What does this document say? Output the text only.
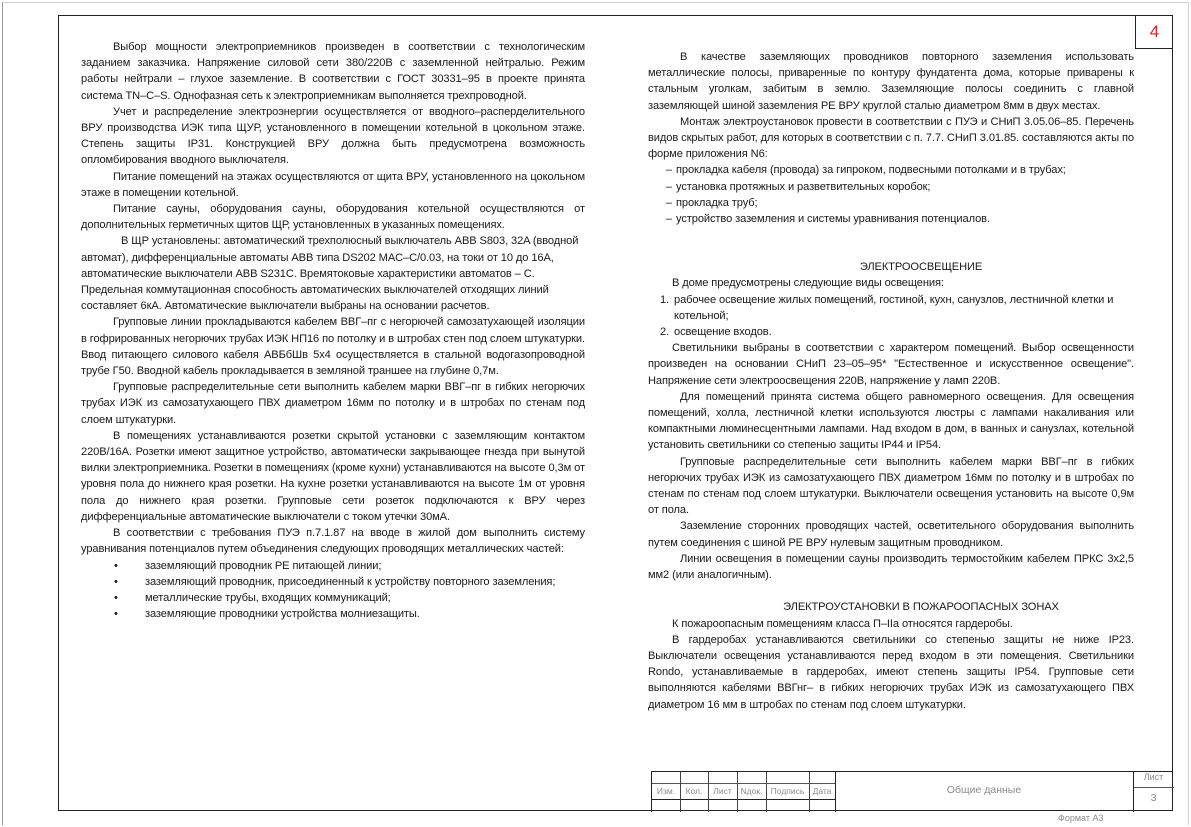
4

Выбор мощности электроприемников произведен в соответствии с технологическим заданием заказчика. Напряжение силовой сети 380/220В с заземленной нейтралью. Режим работы нейтрали – глухое заземление. В соответствии с ГОСТ 30331–95 в проекте принята система TN–C–S. Однофазная сеть к электроприемникам выполняется трехпроводной.

Учет и распределение электроэнергии осуществляется от вводного–расперделительного ВРУ производства ИЭК типа ЩУР, установленного в помещении котельной в цокольном этаже. Степень защиты IP31. Конструкцией ВРУ должна быть предусмотрена возможность опломбирования вводного выключателя.

Питание помещений на этажах осуществляются от щита ВРУ, установленного на цокольном этаже в помещении котельной.

Питание сауны, оборудования сауны, оборудования котельной осуществляются от дополнительных герметичных щитов ЩР, установленных в указанных помещениях.

В ЩР установлены: автоматический трехполюсный выключатель ABB S803, 32A (вводной автомат), дифференциальные автоматы ABB типа DS202 MAC–C/0.03, на токи от 10 до 16А, автоматические выключатели ABB S231C. Времятоковые характеристики автоматов – С. Предельная коммутационная способность автоматических выключателей отходящих линий составляет 6кА. Автоматические выключатели выбраны на основании расчетов.

Групповые линии прокладываются кабелем ВВГ–пг с негорючей самозатухающей изоляции в гофрированных негорючих трубах ИЭК НП16 по потолку и в штробах стен под слоем штукатурки. Ввод питающего силового кабеля АВБбШв 5х4 осуществляется в стальной водогазопроводной трубе Г50. Вводной кабель прокладывается в земляной траншее на глубине 0,7м.

Групповые распределительные сети выполнить кабелем марки ВВГ–пг в гибких негорючих трубах ИЭК из самозатухающего ПВХ диаметром 16мм по потолку и в штробах по стенам под слоем штукатурки.

В помещениях устанавливаются розетки скрытой установки с заземляющим контактом 220В/16А. Розетки имеют защитное устройство, автоматически закрывающее гнезда при вынутой вилки электроприемника. Розетки в помещениях (кроме кухни) устанавливаются на высоте 0,3м от уровня пола до нижнего края розетки. На кухне розетки устанавливаются на высоте 1м от уровня пола до нижнего края розетки. Групповые сети розеток подключаются к ВРУ через дифференциальные автоматические выключатели с током утечки 30мА.

В соответствии с требования ПУЭ п.7.1.87 на вводе в жилой дом выполнить систему уравнивания потенциалов путем объединения следующих проводящих металлических частей:

• заземляющий проводник PE питающей линии;
• заземляющий проводник, присоединенный к устройству повторного заземления;
• металлические трубы, входящих коммуникаций;
• заземляющие проводники устройства молниезащиты.

В качестве заземляющих проводников повторного заземления использовать металлические полосы, приваренные по контуру фундатента дома, которые приварены к стальным уголкам, забитым в землю. Заземляющие полосы соединить с главной заземляющей шиной заземления PE ВРУ круглой сталью диаметром 8мм в двух местах.

Монтаж электроустановок провести в соответствии с ПУЭ и СНиП 3.05.06–85. Перечень видов скрытых работ, для которых в соответствии с п. 7.7. СНиП 3.01.85. составляются акты по форме приложения N6:

– прокладка кабеля (провода) за гипроком, подвесными потолками и в трубах;
– установка протяжных и разветвительных коробок;
– прокладка труб;
– устройство заземления и системы уравнивания потенциалов.

ЭЛЕКТРООСВЕЩЕНИЕ

В доме предусмотрены следующие виды освещения:

1. рабочее освещение жилых помещений, гостиной, кухн, санузлов, лестничной клетки и котельной;
2. освещение входов.

Светильники выбраны в соответствии с характером помещений. Выбор освещенности произведен на основании СНиП 23–05–95* "Естественное и искусственное освещение". Напряжение сети электроосвещения 220В, напряжение у ламп 220В.

Для помещений принята система общего равномерного освещения. Для освещения помещений, холла, лестничной клетки используются люстры с лампами накаливания или компактными люминесцентными лампами. Над входом в дом, в ванных и санузлах, котельной установить светильники со степенью защиты IP44 и IP54.

Групповые распределительные сети выполнить кабелем марки ВВГ–пг в гибких негорючих трубах ИЭК из самозатухающего ПВХ диаметром 16мм по потолку и в штробах по стенам по стенам под слоем штукатурки. Выключатели освещения установить на высоте 0,9м от пола.

Заземление сторонних проводящих частей, осветительного оборудования выполнить путем соединения с шиной PE ВРУ нулевым защитным проводником.

Линии освещения в помещении сауны производить термостойким кабелем ПРКС 3х2,5 мм2 (или аналогичным).

ЭЛЕКТРОУСТАНОВКИ В ПОЖАРООПАСНЫХ ЗОНАХ

К пожароопасным помещениям класса П–IIа относятся гардеробы.

В гардеробах устанавливаются светильники со степенью защиты не ниже IP23. Выключатели освещения устанавливаются перед входом в эти помещения. Светильники Rondo, устанавливаемые в гардеробах, имеют степень защиты IP54. Групповые сети выполняются кабелями ВВГнг– в гибких негорючих трубах ИЭК из самозатухающего ПВХ диаметром 16 мм в штробах по стенам под слоем штукатурки.

Изм.	Кол.	Лист	Nдок. Подпись Дата	Общие данные
Лист
3
Формат А3
